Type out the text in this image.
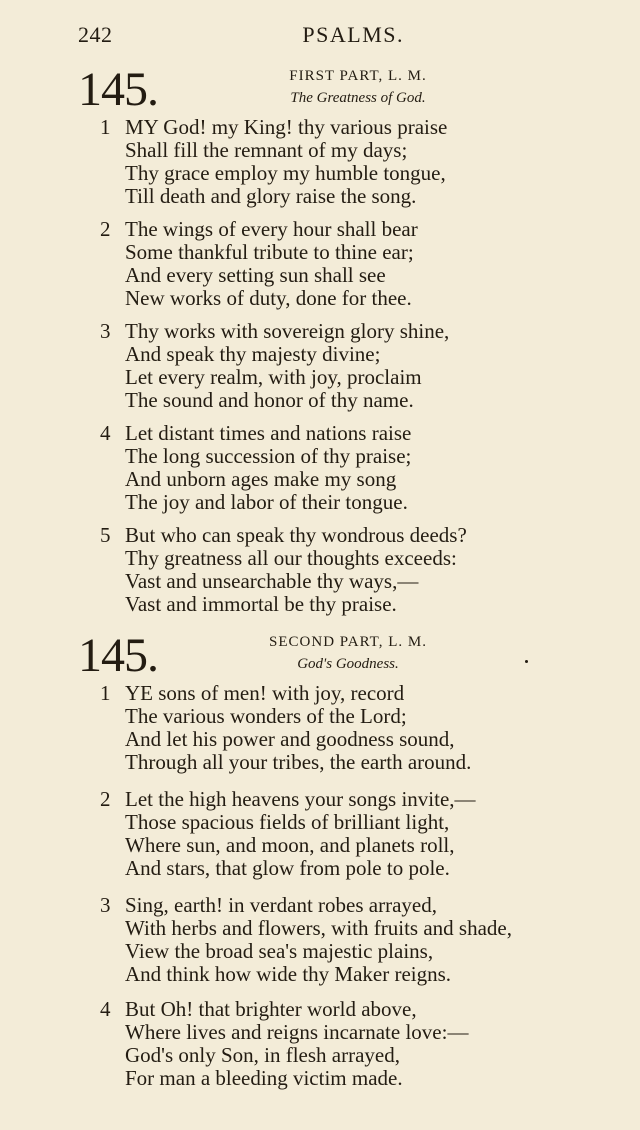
242	PSALMS.
145.	FIRST PART, L. M.
The Greatness of God.
1 MY God! my King! thy various praise
Shall fill the remnant of my days;
Thy grace employ my humble tongue,
Till death and glory raise the song.
2 The wings of every hour shall bear
Some thankful tribute to thine ear;
And every setting sun shall see
New works of duty, done for thee.
3 Thy works with sovereign glory shine,
And speak thy majesty divine;
Let every realm, with joy, proclaim
The sound and honor of thy name.
4 Let distant times and nations raise
The long succession of thy praise;
And unborn ages make my song
The joy and labor of their tongue.
5 But who can speak thy wondrous deeds?
Thy greatness all our thoughts exceeds:
Vast and unsearchable thy ways,—
Vast and immortal be thy praise.
145.	SECOND PART, L. M.
God's Goodness.
1 YE sons of men! with joy, record
The various wonders of the Lord;
And let his power and goodness sound,
Through all your tribes, the earth around.
2 Let the high heavens your songs invite,—
Those spacious fields of brilliant light,
Where sun, and moon, and planets roll,
And stars, that glow from pole to pole.
3 Sing, earth! in verdant robes arrayed,
With herbs and flowers, with fruits and shade,
View the broad sea's majestic plains,
And think how wide thy Maker reigns.
4 But Oh! that brighter world above,
Where lives and reigns incarnate love:—
God's only Son, in flesh arrayed,
For man a bleeding victim made.
